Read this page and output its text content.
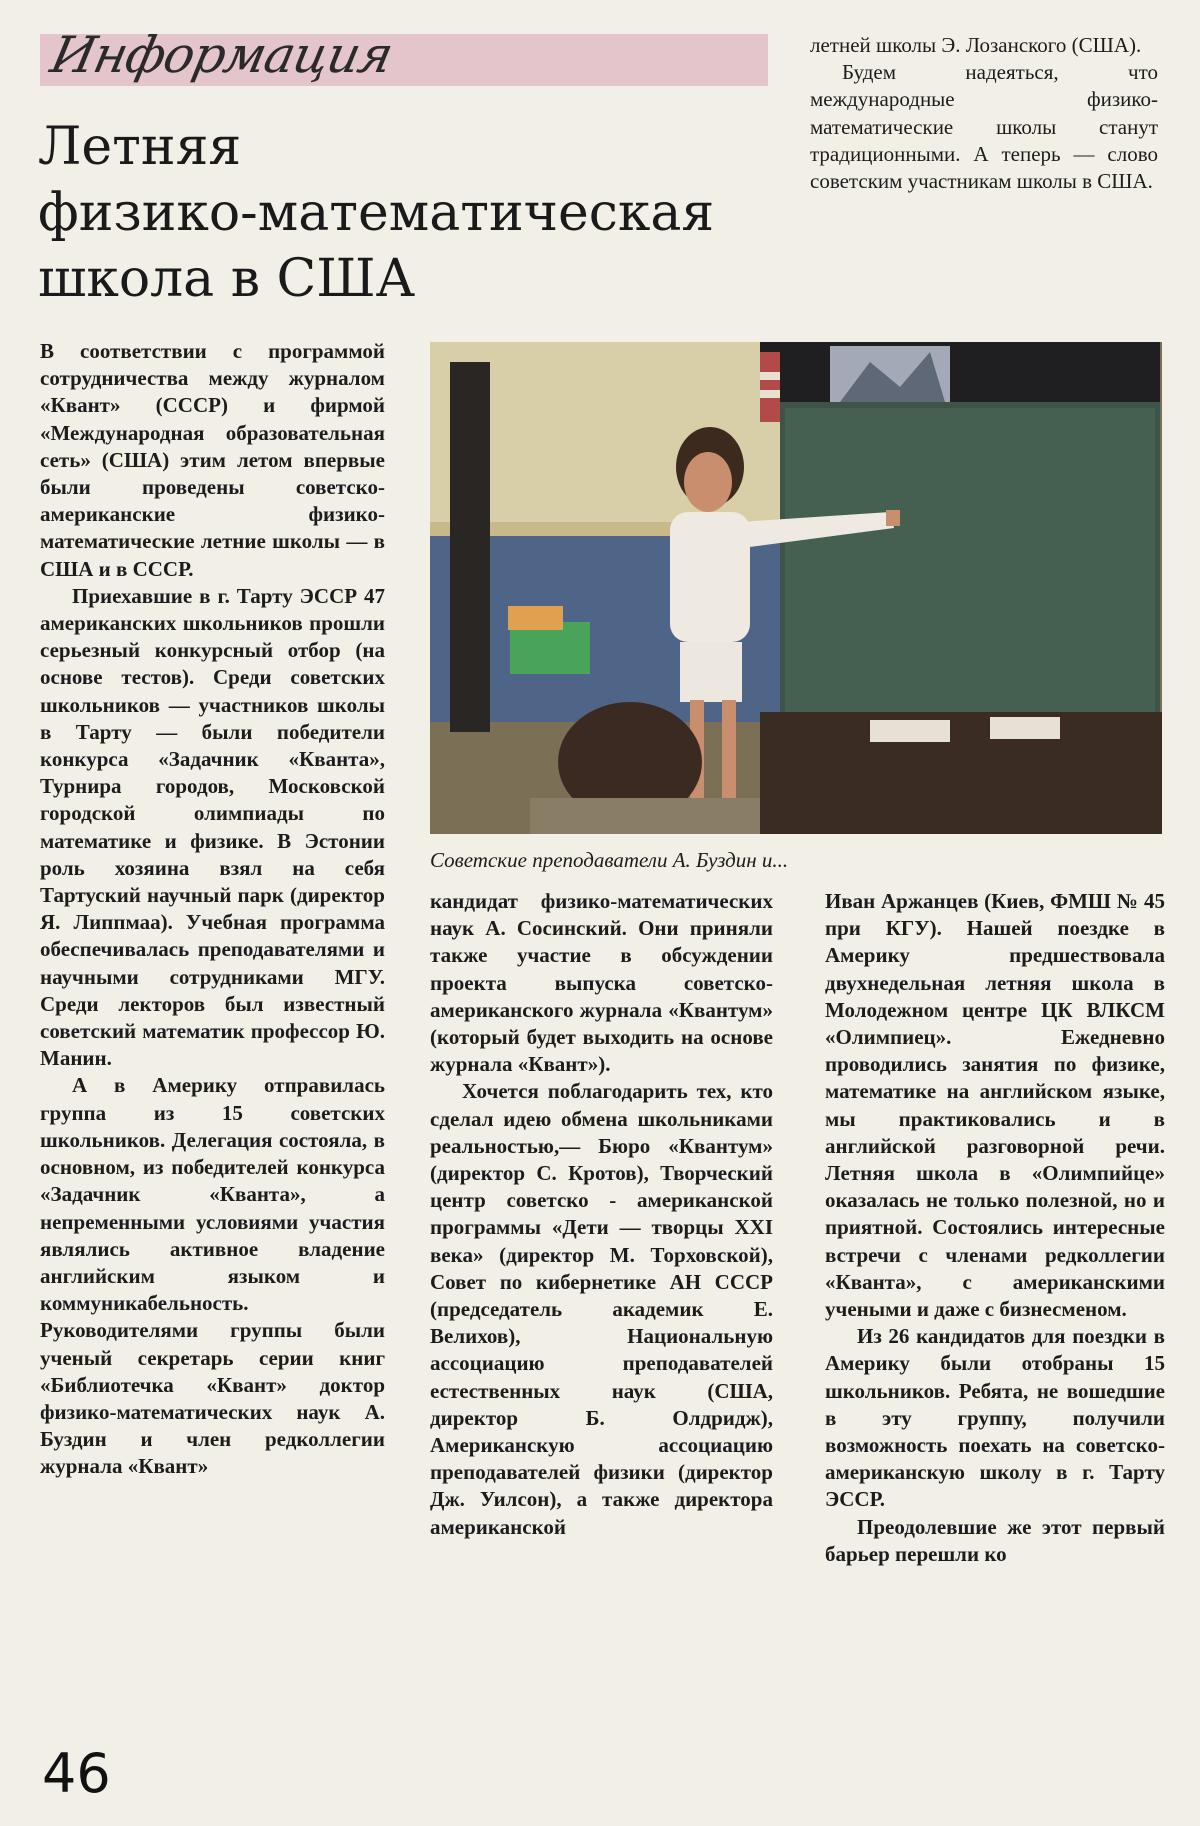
Информация
Летняя
физико-математическая
школа в США

летней школы Э. Лозанского (США).

Будем надеяться, что международные физико-математические школы станут традиционными. А теперь — слово советским участникам школы в США.

В соответствии с программой сотрудничества между журналом «Квант» (СССР) и фирмой «Международная образовательная сеть» (США) этим летом впервые были проведены советско-американские физико-математические летние школы — в США и в СССР.

Приехавшие в г. Тарту ЭССР 47 американских школьников прошли серьезный конкурсный отбор (на основе тестов). Среди советских школьников — участников школы в Тарту — были победители конкурса «Задачник «Кванта», Турнира городов, Московской городской олимпиады по математике и физике. В Эстонии роль хозяина взял на себя Тартуский научный парк (директор Я. Липпмаа). Учебная программа обеспечивалась преподавателями и научными сотрудниками МГУ. Среди лекторов был известный советский математик профессор Ю. Манин.

А в Америку отправилась группа из 15 советских школьников. Делегация состояла, в основном, из победителей конкурса «Задачник «Кванта», а непременными условиями участия являлись активное владение английским языком и коммуникабельность. Руководителями группы были ученый секретарь серии книг «Библиотечка «Квант» доктор физико-математических наук А. Буздин и член редколлегии журнала «Квант»

Советские преподаватели А. Буздин и...

кандидат физико-математических наук А. Сосинский. Они приняли также участие в обсуждении проекта выпуска советско-американского журнала «Квантум» (который будет выходить на основе журнала «Квант»).

Хочется поблагодарить тех, кто сделал идею обмена школьниками реальностью,— Бюро «Квантум» (директор С. Кротов), Творческий центр советско - американской программы «Дети — творцы XXI века» (директор М. Торховской), Совет по кибернетике АН СССР (председатель академик Е. Велихов), Национальную ассоциацию преподавателей естественных наук (США, директор Б. Олдридж), Американскую ассоциацию преподавателей физики (директор Дж. Уилсон), а также директора американской

Иван Аржанцев (Киев, ФМШ № 45 при КГУ). Нашей поездке в Америку предшествовала двухнедельная летняя школа в Молодежном центре ЦК ВЛКСМ «Олимпиец». Ежедневно проводились занятия по физике, математике на английском языке, мы практиковались и в английской разговорной речи. Летняя школа в «Олимпийце» оказалась не только полезной, но и приятной. Состоялись интересные встречи с членами редколлегии «Кванта», с американскими учеными и даже с бизнесменом.

Из 26 кандидатов для поездки в Америку были отобраны 15 школьников. Ребята, не вошедшие в эту группу, получили возможность поехать на советско-американскую школу в г. Тарту ЭССР.

Преодолевшие же этот первый барьер перешли ко

46
